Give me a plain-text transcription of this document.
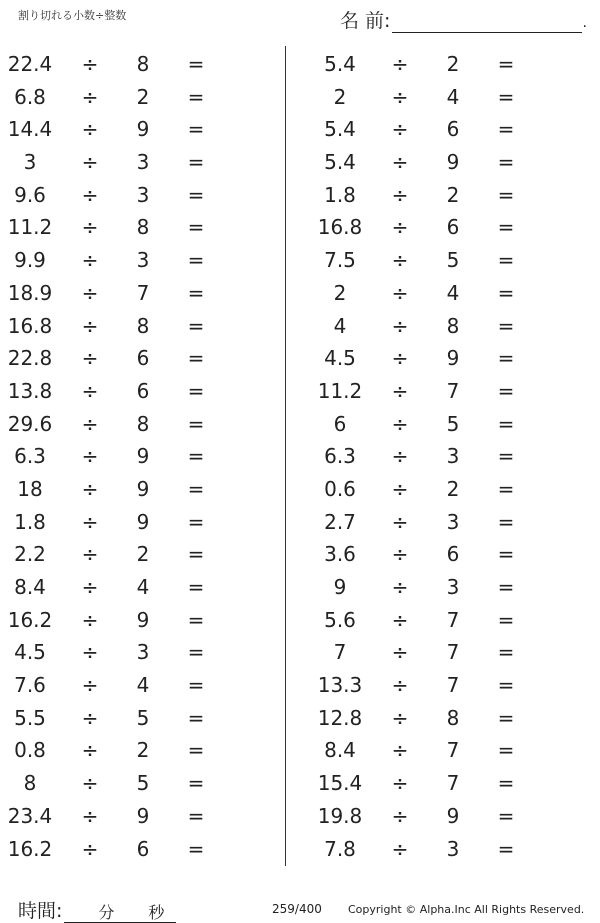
割り切れる小数÷整数	名 前:	.
22.4	÷	8	=
6.8	÷	2	=
14.4	÷	9	=
3	÷	3	=
9.6	÷	3	=
11.2	÷	8	=
9.9	÷	3	=
18.9	÷	7	=
16.8	÷	8	=
22.8	÷	6	=
13.8	÷	6	=
29.6	÷	8	=
6.3	÷	9	=
18	÷	9	=
1.8	÷	9	=
2.2	÷	2	=
8.4	÷	4	=
16.2	÷	9	=
4.5	÷	3	=
7.6	÷	4	=
5.5	÷	5	=
0.8	÷	2	=
8	÷	5	=
23.4	÷	9	=
16.2	÷	6	=
5.4	÷	2	=
2	÷	4	=
5.4	÷	6	=
5.4	÷	9	=
1.8	÷	2	=
16.8	÷	6	=
7.5	÷	5	=
2	÷	4	=
4	÷	8	=
4.5	÷	9	=
11.2	÷	7	=
6	÷	5	=
6.3	÷	3	=
0.6	÷	2	=
2.7	÷	3	=
3.6	÷	6	=
9	÷	3	=
5.6	÷	7	=
7	÷	7	=
13.3	÷	7	=
12.8	÷	8	=
8.4	÷	7	=
15.4	÷	7	=
19.8	÷	9	=
7.8	÷	3	=
時間: 分 秒	259/400 Copyright © Alpha.Inc All Rights Reserved.
